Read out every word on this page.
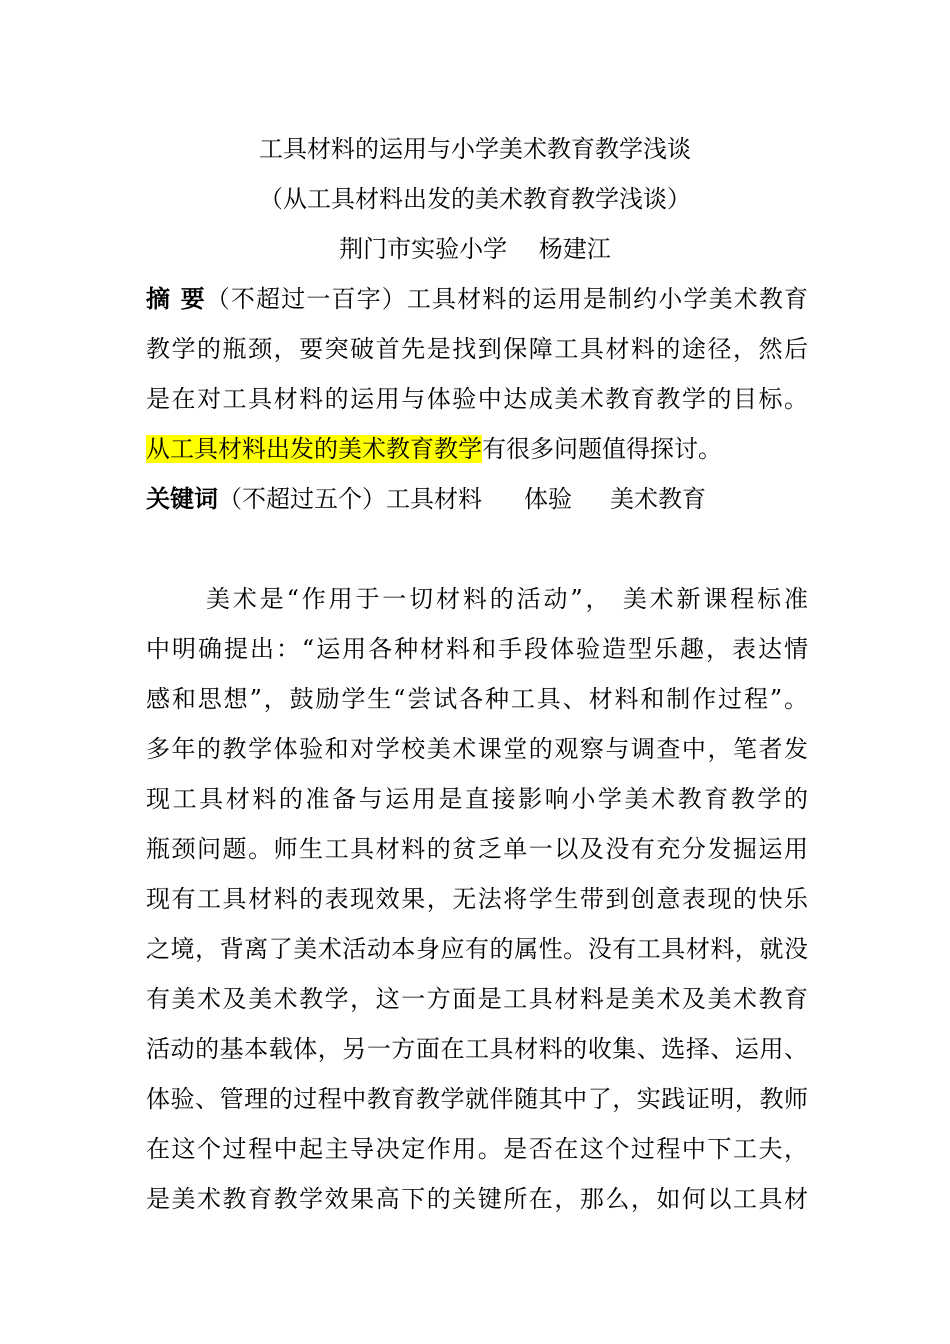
工具材料的运用与小学美术教育教学浅谈
（从工具材料出发的美术教育教学浅谈）
荆门市实验小学　 杨建江
摘 要（不超过一百字）工具材料的运用是制约小学美术教育
教学的瓶颈，要突破首先是找到保障工具材料的途径，然后
是在对工具材料的运用与体验中达成美术教育教学的目标。
从工具材料出发的美术教育教学有很多问题值得探讨。
关键词（不超过五个）工具材料 体验 美术教育
美术是“作用于一切材料的活动”， 美术新课程标准
中明确提出：“运用各种材料和手段体验造型乐趣，表达情
感和思想”，鼓励学生“尝试各种工具、材料和制作过程”。
多年的教学体验和对学校美术课堂的观察与调查中，笔者发
现工具材料的准备与运用是直接影响小学美术教育教学的
瓶颈问题。师生工具材料的贫乏单一以及没有充分发掘运用
现有工具材料的表现效果，无法将学生带到创意表现的快乐
之境，背离了美术活动本身应有的属性。没有工具材料，就没
有美术及美术教学，这一方面是工具材料是美术及美术教育
活动的基本载体，另一方面在工具材料的收集、选择、运用、
体验、管理的过程中教育教学就伴随其中了，实践证明，教师
在这个过程中起主导决定作用。是否在这个过程中下工夫，
是美术教育教学效果高下的关键所在，那么，如何以工具材
